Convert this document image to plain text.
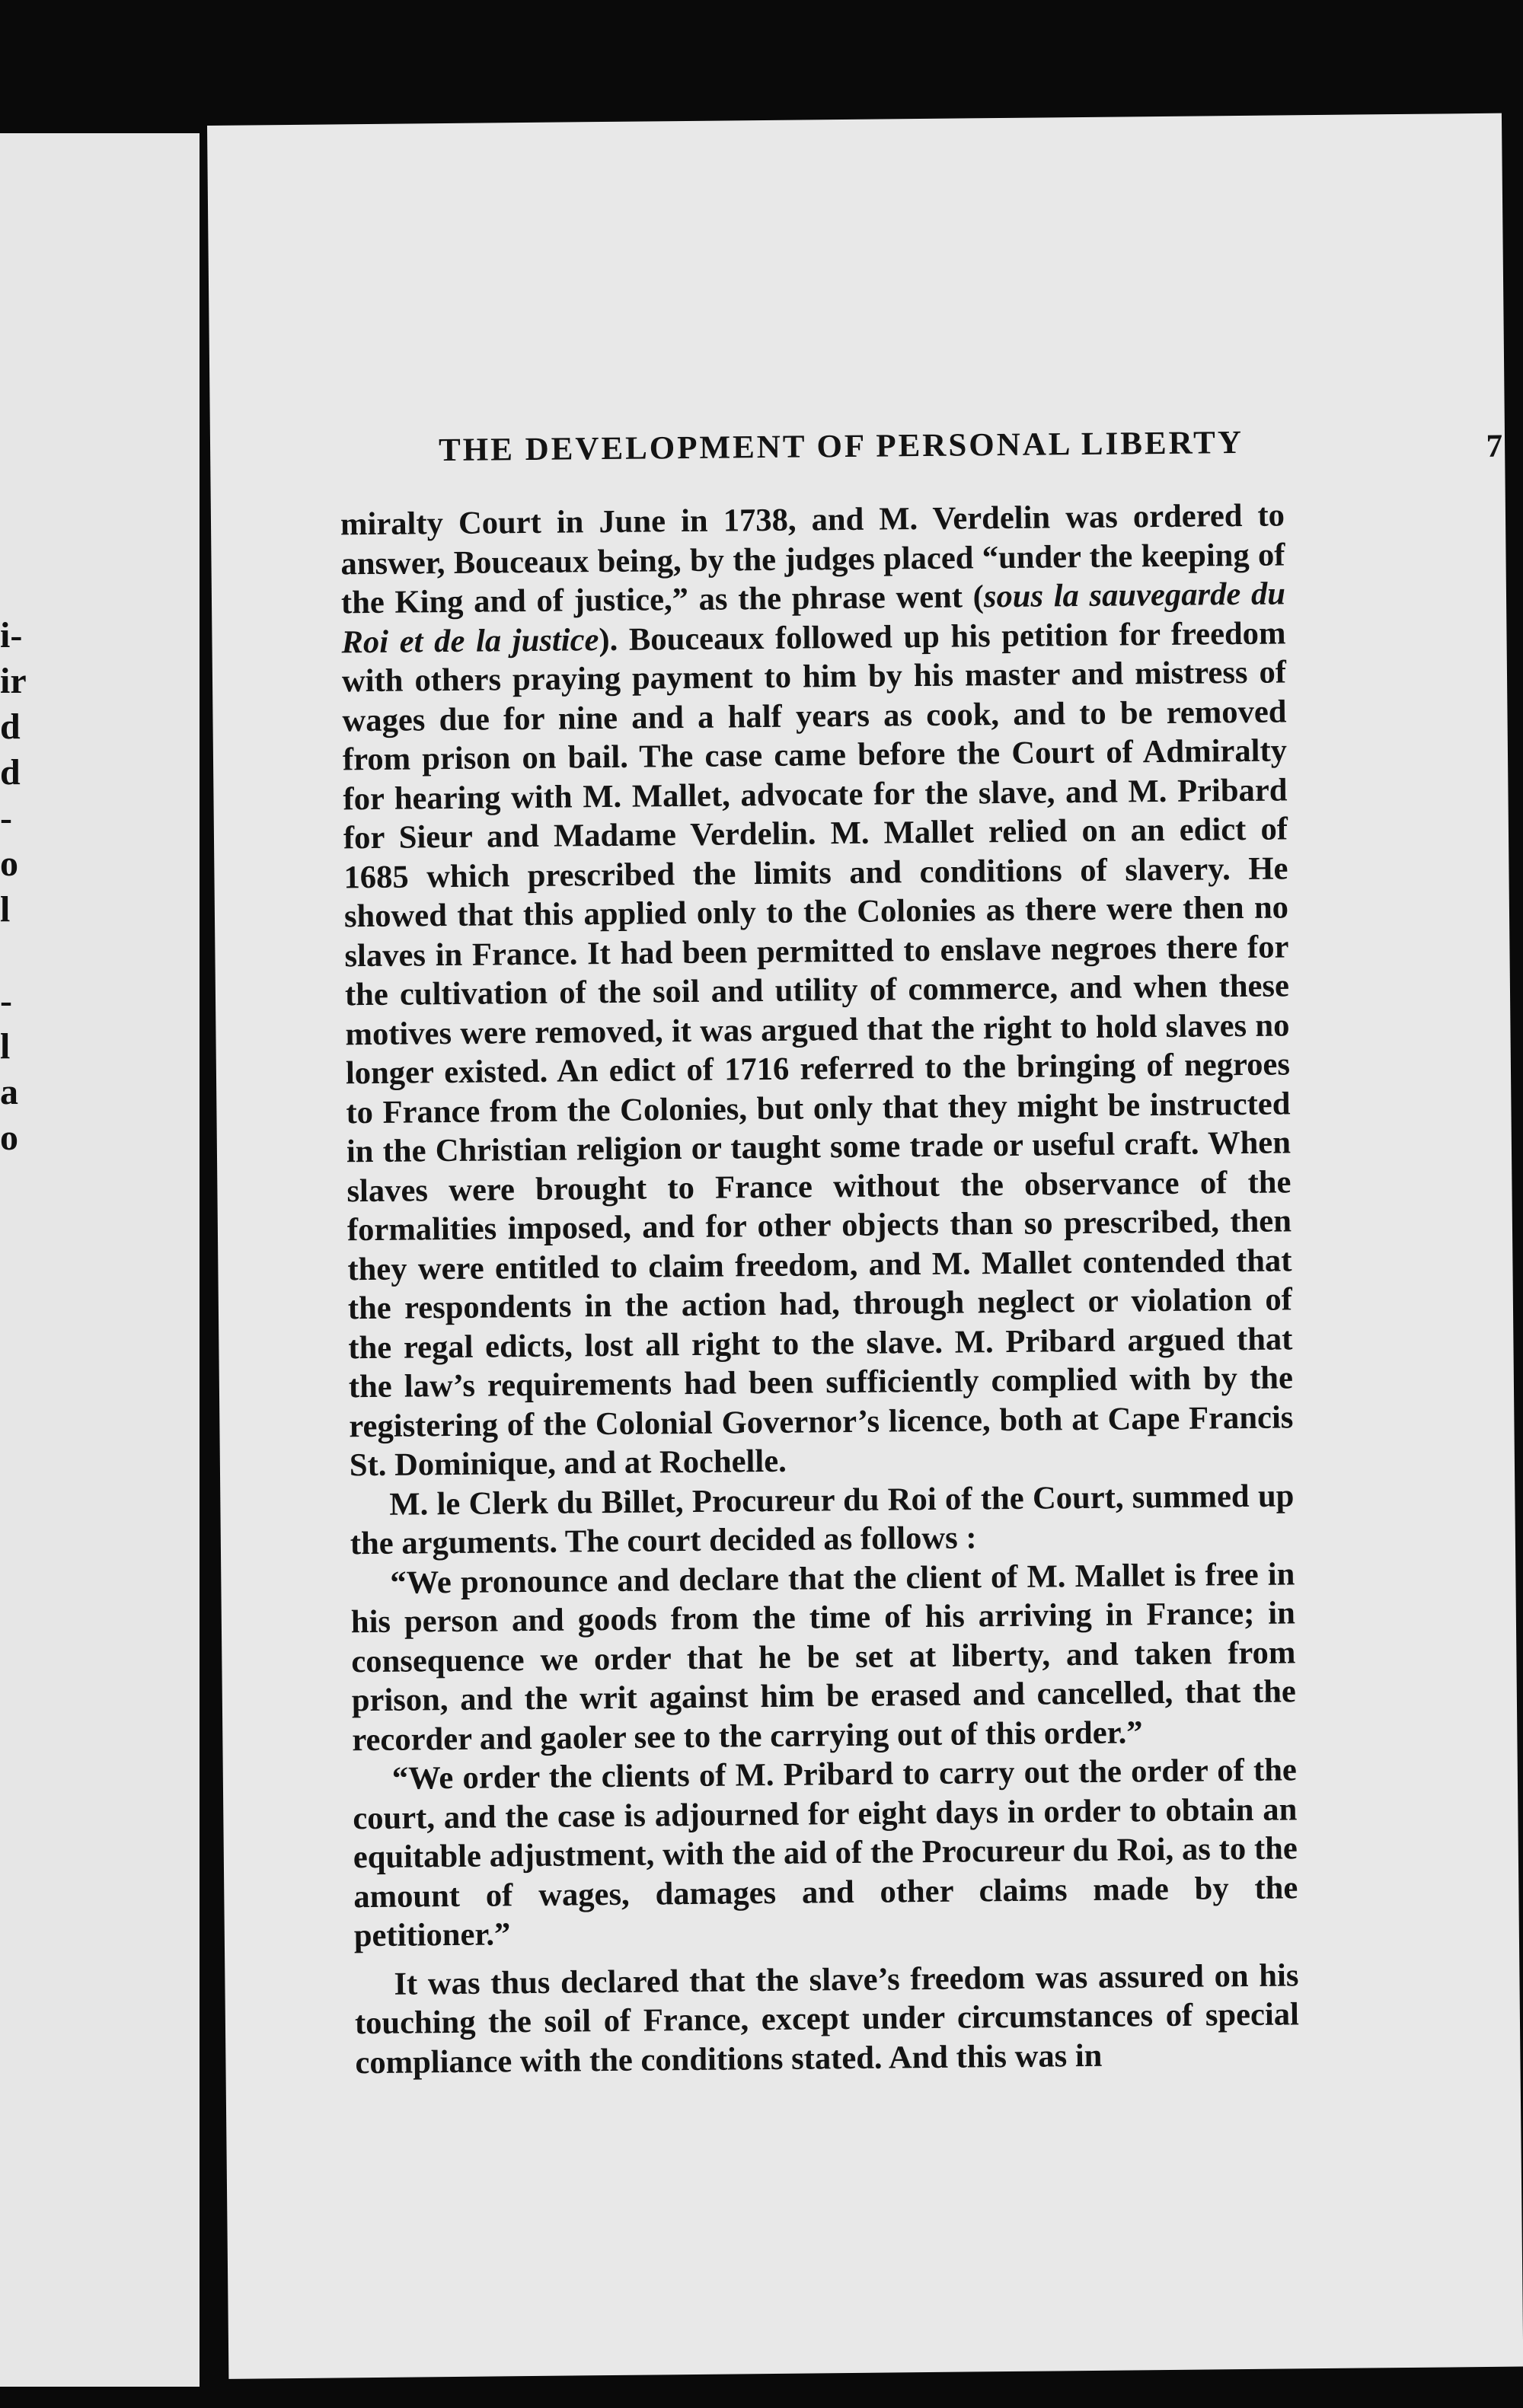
i-
ir
d
d
-
o
l
-
l
a
o
THE DEVELOPMENT OF PERSONAL LIBERTY	7

miralty Court in June in 1738, and M. Verdelin was ordered to answer, Bouceaux being, by the judges placed “under the keeping of the King and of justice,” as the phrase went (sous la sauvegarde du Roi et de la justice). Bouceaux followed up his petition for freedom with others praying payment to him by his master and mistress of wages due for nine and a half years as cook, and to be removed from prison on bail. The case came before the Court of Admiralty for hearing with M. Mallet, advocate for the slave, and M. Pribard for Sieur and Madame Verdelin. M. Mallet relied on an edict of 1685 which prescribed the limits and conditions of slavery. He showed that this applied only to the Colonies as there were then no slaves in France. It had been permitted to enslave negroes there for the cultivation of the soil and utility of commerce, and when these motives were removed, it was argued that the right to hold slaves no longer existed. An edict of 1716 referred to the bringing of negroes to France from the Colonies, but only that they might be instructed in the Christian religion or taught some trade or useful craft. When slaves were brought to France without the observance of the formalities imposed, and for other objects than so prescribed, then they were entitled to claim freedom, and M. Mallet contended that the respondents in the action had, through neglect or violation of the regal edicts, lost all right to the slave. M. Pribard argued that the law’s requirements had been sufficiently complied with by the registering of the Colonial Governor’s licence, both at Cape Francis St. Dominique, and at Rochelle.

M. le Clerk du Billet, Procureur du Roi of the Court, summed up the arguments. The court decided as follows :

“We pronounce and declare that the client of M. Mallet is free in his person and goods from the time of his arriving in France; in consequence we order that he be set at liberty, and taken from prison, and the writ against him be erased and cancelled, that the recorder and gaoler see to the carrying out of this order.”

“We order the clients of M. Pribard to carry out the order of the court, and the case is adjourned for eight days in order to obtain an equitable adjustment, with the aid of the Procureur du Roi, as to the amount of wages, damages and other claims made by the petitioner.”

It was thus declared that the slave’s freedom was assured on his touching the soil of France, except under circumstances of special compliance with the conditions stated. And this was in
